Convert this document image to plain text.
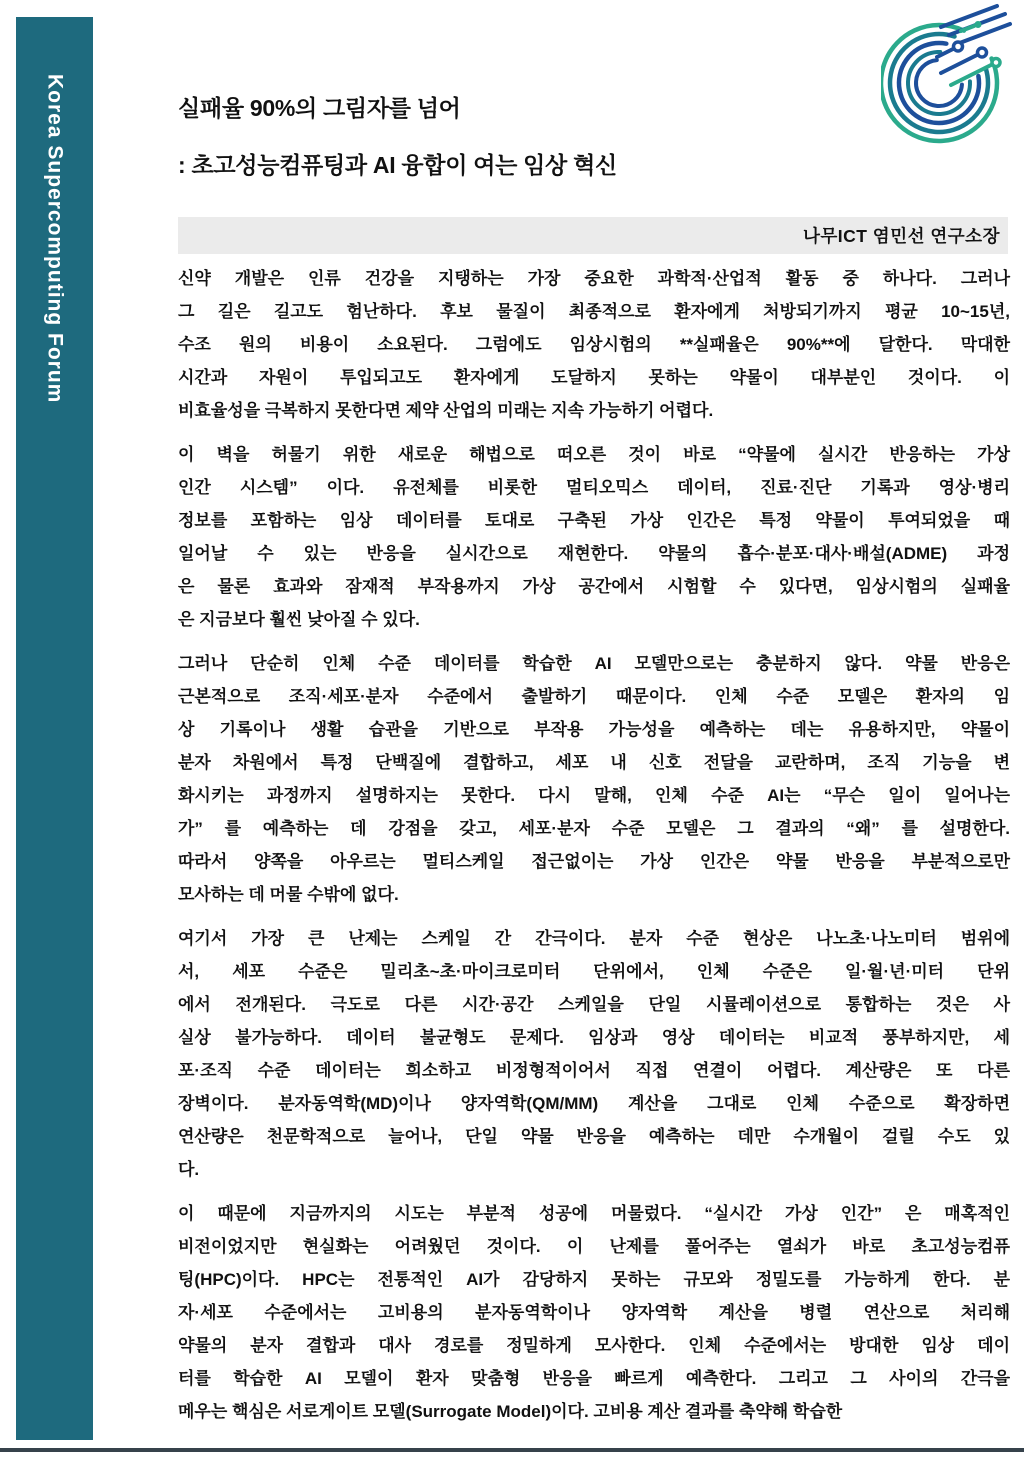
Korea Supercomputing Forum	실패율 90%의 그림자를 넘어
: 초고성능컴퓨팅과 AI 융합이 여는 임상 혁신
나무ICT 염민선 연구소장

신약 개발은 인류 건강을 지탱하는 가장 중요한 과학적·산업적 활동 중 하나다. 그러나
그 길은 길고도 험난하다. 후보 물질이 최종적으로 환자에게 처방되기까지 평균 10~15년,
수조 원의 비용이 소요된다. 그럼에도 임상시험의 **실패율은 90%**에 달한다. 막대한
시간과 자원이 투입되고도 환자에게 도달하지 못하는 약물이 대부분인 것이다. 이
비효율성을 극복하지 못한다면 제약 산업의 미래는 지속 가능하기 어렵다.

이 벽을 허물기 위한 새로운 해법으로 떠오른 것이 바로 “약물에 실시간 반응하는 가상
인간 시스템” 이다. 유전체를 비롯한 멀티오믹스 데이터, 진료·진단 기록과 영상·병리
정보를 포함하는 임상 데이터를 토대로 구축된 가상 인간은 특정 약물이 투여되었을 때
일어날 수 있는 반응을 실시간으로 재현한다. 약물의 흡수·분포·대사·배설(ADME) 과정
은 물론 효과와 잠재적 부작용까지 가상 공간에서 시험할 수 있다면, 임상시험의 실패율
은 지금보다 훨씬 낮아질 수 있다.

그러나 단순히 인체 수준 데이터를 학습한 AI 모델만으로는 충분하지 않다. 약물 반응은
근본적으로 조직·세포·분자 수준에서 출발하기 때문이다. 인체 수준 모델은 환자의 임
상 기록이나 생활 습관을 기반으로 부작용 가능성을 예측하는 데는 유용하지만, 약물이
분자 차원에서 특정 단백질에 결합하고, 세포 내 신호 전달을 교란하며, 조직 기능을 변
화시키는 과정까지 설명하지는 못한다. 다시 말해, 인체 수준 AI는 “무슨 일이 일어나는
가” 를 예측하는 데 강점을 갖고, 세포·분자 수준 모델은 그 결과의 “왜” 를 설명한다.
따라서 양쪽을 아우르는 멀티스케일 접근없이는 가상 인간은 약물 반응을 부분적으로만
모사하는 데 머물 수밖에 없다.

여기서 가장 큰 난제는 스케일 간 간극이다. 분자 수준 현상은 나노초·나노미터 범위에
서, 세포 수준은 밀리초~초·마이크로미터 단위에서, 인체 수준은 일·월·년·미터 단위
에서 전개된다. 극도로 다른 시간·공간 스케일을 단일 시뮬레이션으로 통합하는 것은 사
실상 불가능하다. 데이터 불균형도 문제다. 임상과 영상 데이터는 비교적 풍부하지만, 세
포·조직 수준 데이터는 희소하고 비정형적이어서 직접 연결이 어렵다. 계산량은 또 다른
장벽이다. 분자동역학(MD)이나 양자역학(QM/MM) 계산을 그대로 인체 수준으로 확장하면
연산량은 천문학적으로 늘어나, 단일 약물 반응을 예측하는 데만 수개월이 걸릴 수도 있
다.

이 때문에 지금까지의 시도는 부분적 성공에 머물렀다. “실시간 가상 인간” 은 매혹적인
비전이었지만 현실화는 어려웠던 것이다. 이 난제를 풀어주는 열쇠가 바로 초고성능컴퓨
팅(HPC)이다. HPC는 전통적인 AI가 감당하지 못하는 규모와 정밀도를 가능하게 한다. 분
자·세포 수준에서는 고비용의 분자동역학이나 양자역학 계산을 병렬 연산으로 처리해
약물의 분자 결합과 대사 경로를 정밀하게 모사한다. 인체 수준에서는 방대한 임상 데이
터를 학습한 AI 모델이 환자 맞춤형 반응을 빠르게 예측한다. 그리고 그 사이의 간극을
메우는 핵심은 서로게이트 모델(Surrogate Model)이다. 고비용 계산 결과를 축약해 학습한
